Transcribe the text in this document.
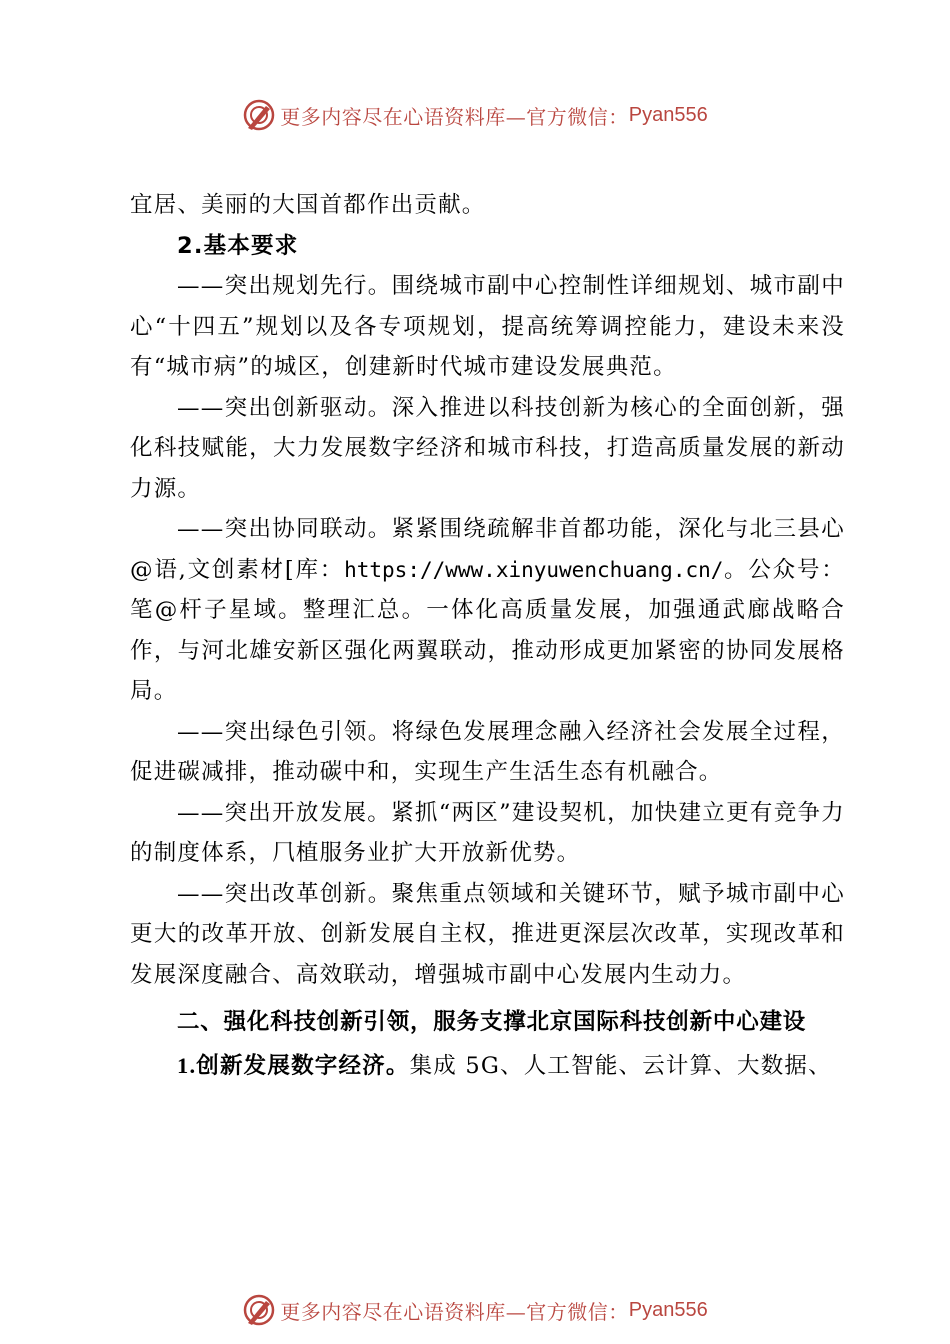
更多内容尽在心语资料库—官方微信： Pyan556

宜居、美丽的大国首都作出贡献。

2.基本要求

——突出规划先行。围绕城市副中心控制性详细规划、城市副中心“十四五”规划以及各专项规划，提高统筹调控能力，建设未来没有“城市病”的城区，创建新时代城市建设发展典范。

——突出创新驱动。深入推进以科技创新为核心的全面创新，强化科技赋能，大力发展数字经济和城市科技，打造高质量发展的新动力源。

——突出协同联动。紧紧围绕疏解非首都功能，深化与北三县心@语,文创素材[库：https://www.xinyuwenchuang.cn/。公众号：笔@杆子星域。整理汇总。一体化高质量发展，加强通武廊战略合作，与河北雄安新区强化两翼联动，推动形成更加紧密的协同发展格局。

——突出绿色引领。将绿色发展理念融入经济社会发展全过程，促进碳减排，推动碳中和，实现生产生活生态有机融合。

——突出开放发展。紧抓“两区”建设契机，加快建立更有竞争力的制度体系，⺇植服务业扩大开放新优势。

——突出改革创新。聚焦重点领域和关键环节，赋予城市副中心更大的改革开放、创新发展自主权，推进更深层次改革，实现改革和发展深度融合、高效联动，增强城市副中心发展内生动力。

二、强化科技创新引领，服务支撑北京国际科技创新中心建设

1.创新发展数字经济。集成 5G、人工智能、云计算、大数据、

更多内容尽在心语资料库—官方微信： Pyan556
